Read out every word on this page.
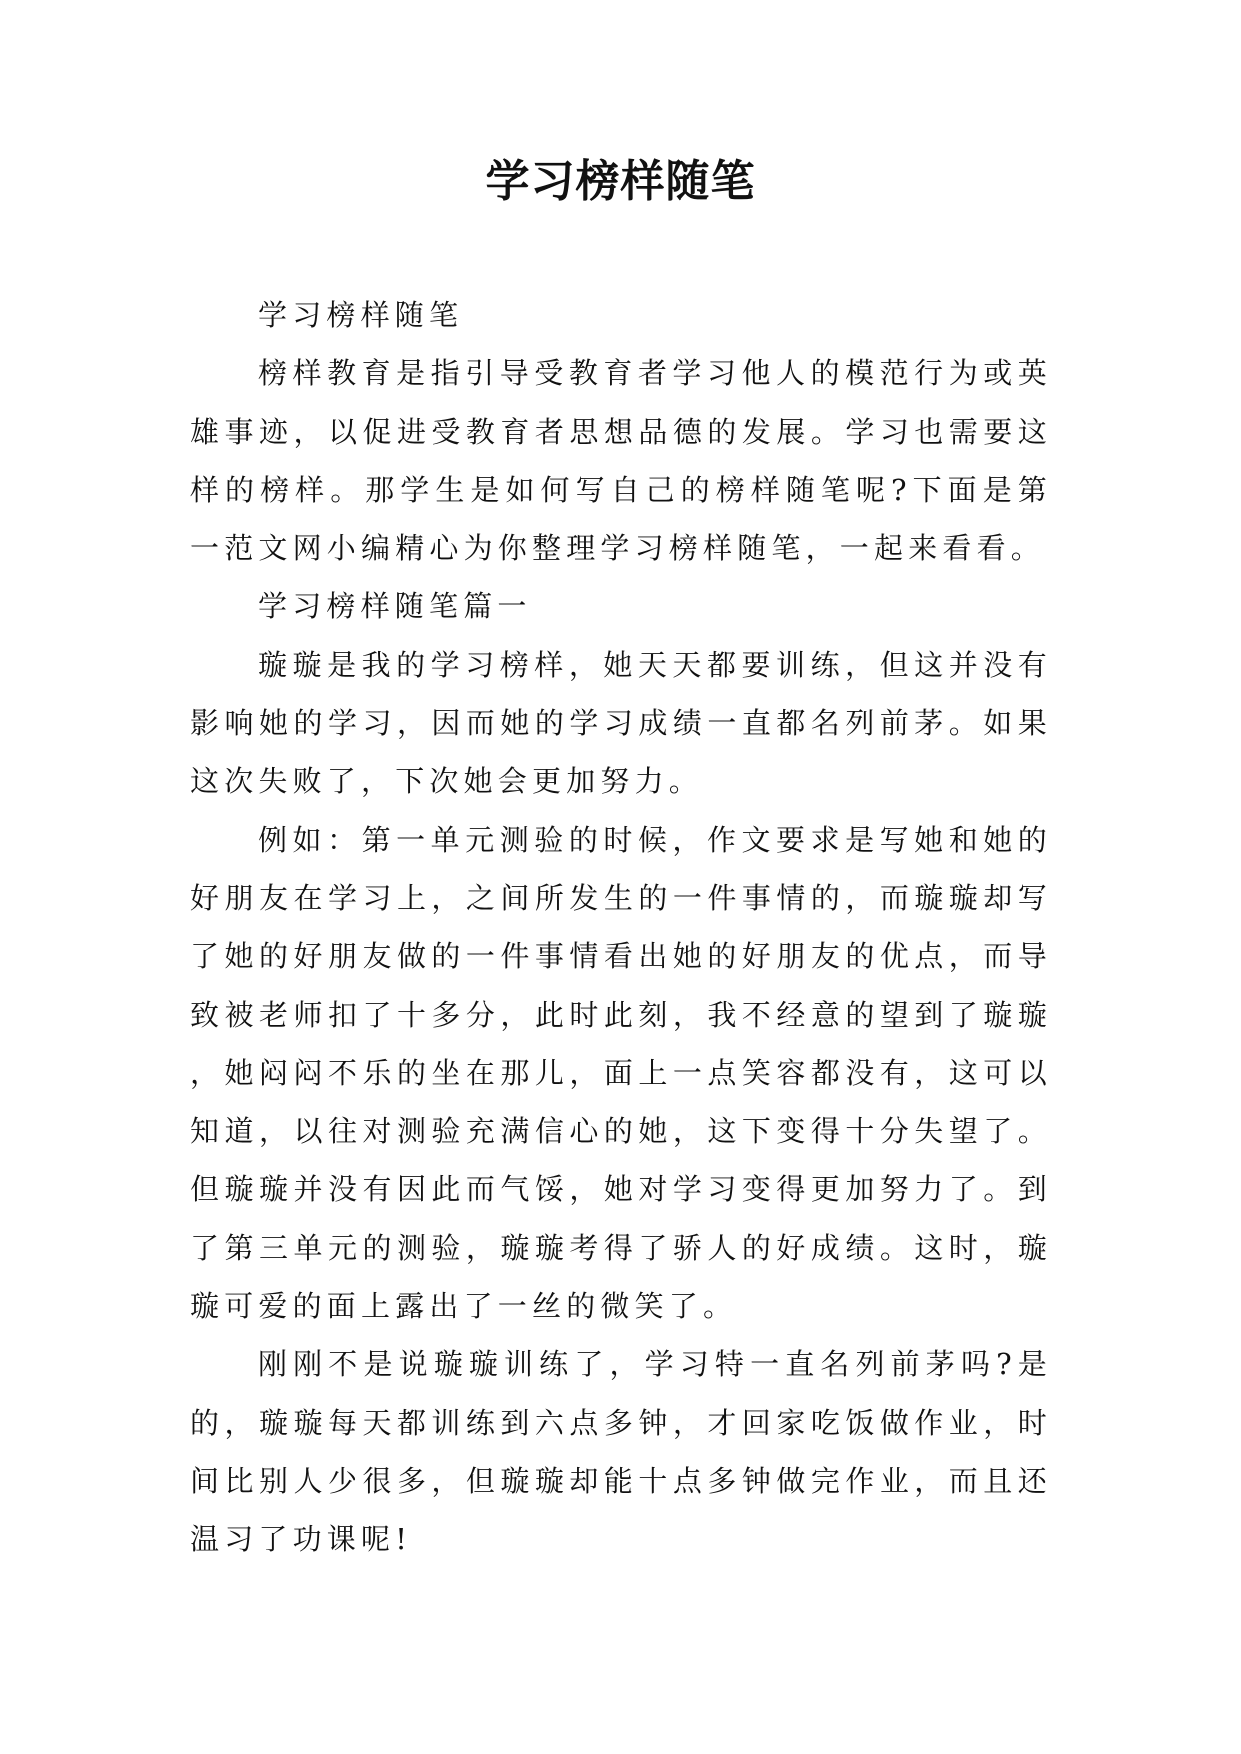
学习榜样随笔

学习榜样随笔

榜样教育是指引导受教育者学习他人的模范行为或英雄事迹，以促进受教育者思想品德的发展。学习也需要这样的榜样。那学生是如何写自己的榜样随笔呢?下面是第一范文网小编精心为你整理学习榜样随笔，一起来看看。

学习榜样随笔篇一

璇璇是我的学习榜样，她天天都要训练，但这并没有影响她的学习，因而她的学习成绩一直都名列前茅。如果这次失败了，下次她会更加努力。

例如：第一单元测验的时候，作文要求是写她和她的好朋友在学习上，之间所发生的一件事情的，而璇璇却写了她的好朋友做的一件事情看出她的好朋友的优点，而导致被老师扣了十多分，此时此刻，我不经意的望到了璇璇，她闷闷不乐的坐在那儿，面上一点笑容都没有，这可以知道，以往对测验充满信心的她，这下变得十分失望了。但璇璇并没有因此而气馁，她对学习变得更加努力了。到了第三单元的测验，璇璇考得了骄人的好成绩。这时，璇璇可爱的面上露出了一丝的微笑了。

刚刚不是说璇璇训练了，学习特一直名列前茅吗?是的，璇璇每天都训练到六点多钟，才回家吃饭做作业，时间比别人少很多，但璇璇却能十点多钟做完作业，而且还温习了功课呢!
